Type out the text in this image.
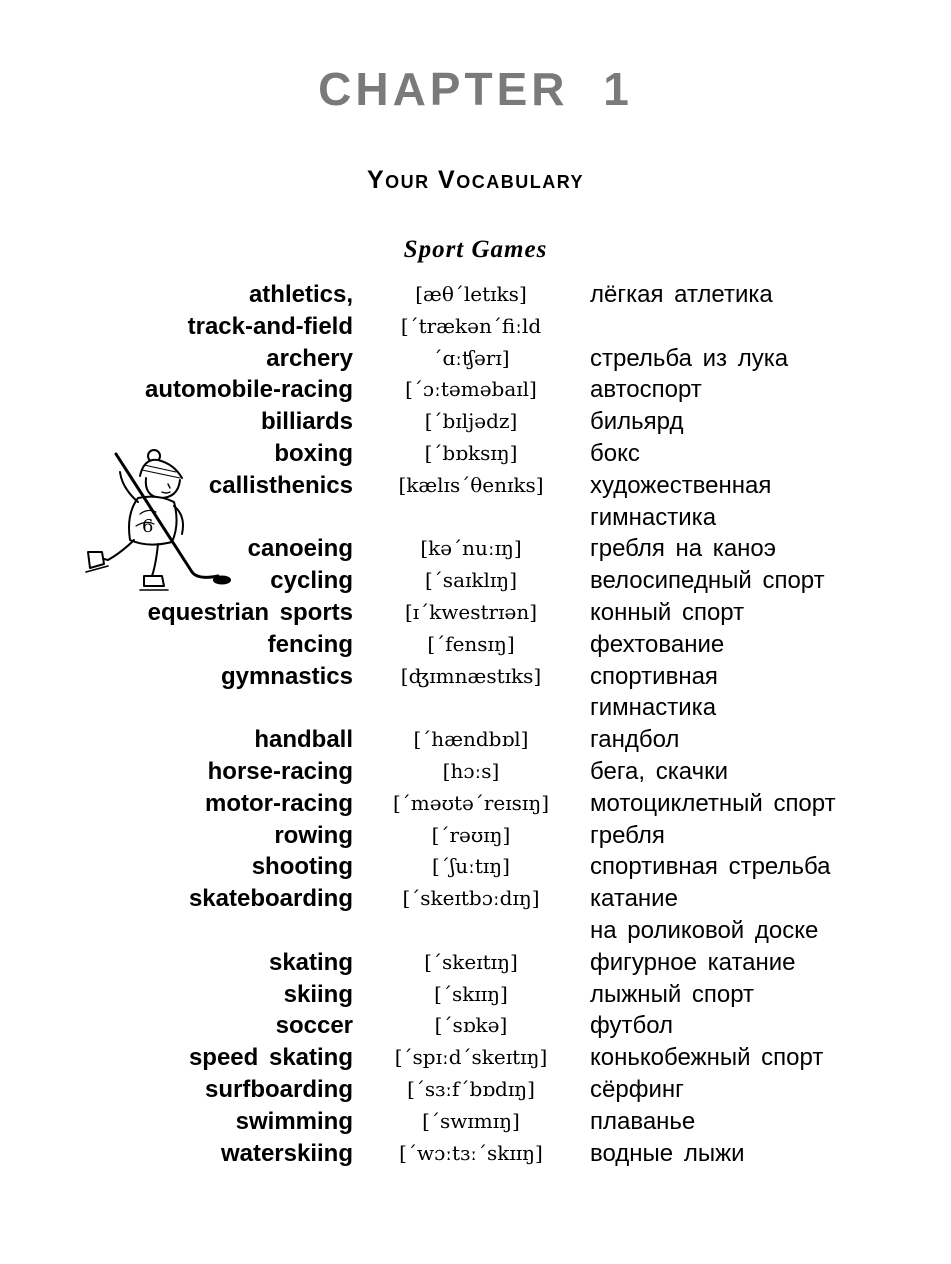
CHAPTER 1
Your Vocabulary
Sport Games
6
athletics,	[æθ´letɪks]	лёгкая атлетика
track-and-field [´trækən´fiːld
archery	´ɑːʧərɪ]	стрельба из лука
automobile-racing	[´ɔːtəməbaɪl] автоспорт
billiards	[´bɪljədz]	бильярд
boxing	[´bɒksɪŋ]	бокс
callisthenics [kælɪs´θenɪks] художественная
гимнастика
canoeing	[kə´nuːɪŋ]	гребля на каноэ
cycling	[´saɪklɪŋ]	велосипедный спорт
equestrian sports	[ɪ´kwestrɪən] конный спорт
fencing	[´fensɪŋ]	фехтование
gymnastics [ʤɪmnæstɪks] спортивная
гимнастика
handball	[´hændbɒl]	гандбол
horse-racing	[hɔːs]	бега, скачки
motor-racing [´məʊtə´reɪsɪŋ] мотоциклетный спорт
rowing	[´rəʊɪŋ]	гребля
shooting	[´ʃuːtɪŋ]	спортивная стрельба
skateboarding [´skeɪtbɔːdɪŋ] катание
на роликовой доске
skating	[´skeɪtɪŋ]	фигурное катание
skiing	[´skɪɪŋ]	лыжный спорт
soccer	[´sɒkə]	футбол
speed skating [´spɪːd´skeɪtɪŋ] конькобежный спорт
surfboarding	[´sɜːf´bɒdɪŋ] сёрфинг
swimming	[´swɪmɪŋ]	плаванье
waterskiing [´wɔːtɜː´skɪɪŋ] водные лыжи
